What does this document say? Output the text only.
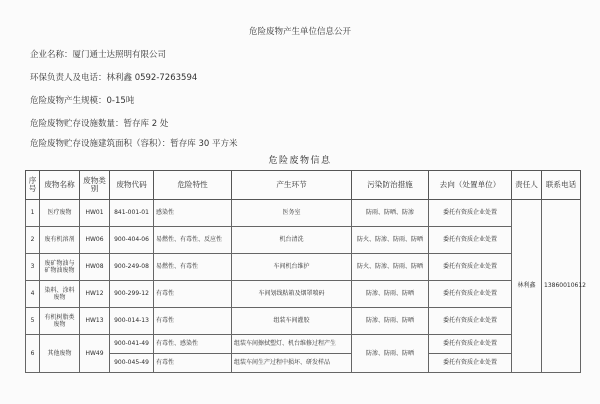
危险废物产生单位信息公开
企业名称：厦门通士达照明有限公司
环保负责人及电话：林利鑫 0592-7263594
危险废物产生规模：0-15吨
危险废物贮存设施数量：暂存库 2 处
危险废物贮存设施建筑面积（容积）：暂存库 30 平方米
危险废物信息
序号	废物名称	废物类别	废物代码	危险特性	产生环节	污染防治措施	去向（处置单位）	责任人	联系电话
1	医疗废物	HW01	841-001-01	感染性	医务室	防雨、防晒、防渗	委托有资质企业处置	林利鑫	13860010612
2	废有机溶剂	HW06	900-404-06	易燃性、有毒性、反应性	机台清洗	防火、防渗、防雨、防晒	委托有资质企业处置		
3	废矿物油与矿物油废物	HW08	900-249-08	易燃性、有毒性	车间机台维护	防火、防渗、防雨、防晒	委托有资质企业处置		
4	染料、涂料废物	HW12	900-299-12	有毒性	车间划线粘箱及烟罩喷码	防渗、防雨、防晒	委托有资质企业处置		
5	有机树脂类废物	HW13	900-014-13	有毒性	组装车间灌胶	防渗、防雨、防晒	委托有资质企业处置		
6	其他废物	HW49	900-041-49	有毒性、感染性	组装车间擦拭塑灯、机台维修过程产生	防渗、防雨、防晒	委托有资质企业处置		
			900-045-49	有毒性	组装车间生产过程中损坏、研发样品		委托有资质企业处置		
